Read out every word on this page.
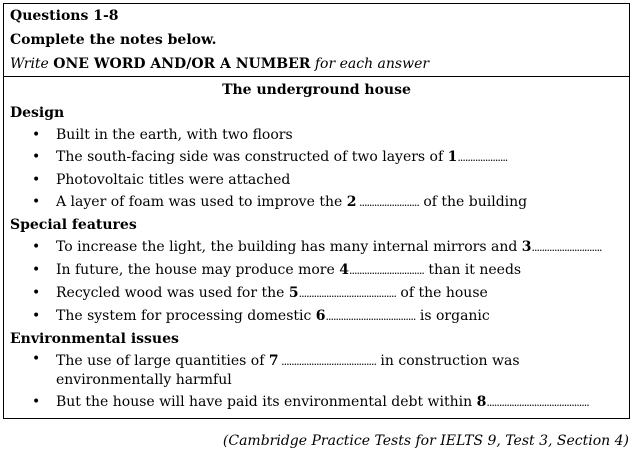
Questions 1-8
Complete the notes below.
Write ONE WORD AND/OR A NUMBER for each answer
The underground house
Design
• Built in the earth, with two floors
• The south-facing side was constructed of two layers of 1....................
• Photovoltaic titles were attached
• A layer of foam was used to improve the 2 ........................ of the building
Special features
• To increase the light, the building has many internal mirrors and 3............................
• In future, the house may produce more 4.............................. than it needs
• Recycled wood was used for the 5....................................... of the house
• The system for processing domestic 6.................................... is organic
Environmental issues
• The use of large quantities of 7 ...................................... in construction was environmentally harmful
• But the house will have paid its environmental debt within 8.........................................
(Cambridge Practice Tests for IELTS 9, Test 3, Section 4)
